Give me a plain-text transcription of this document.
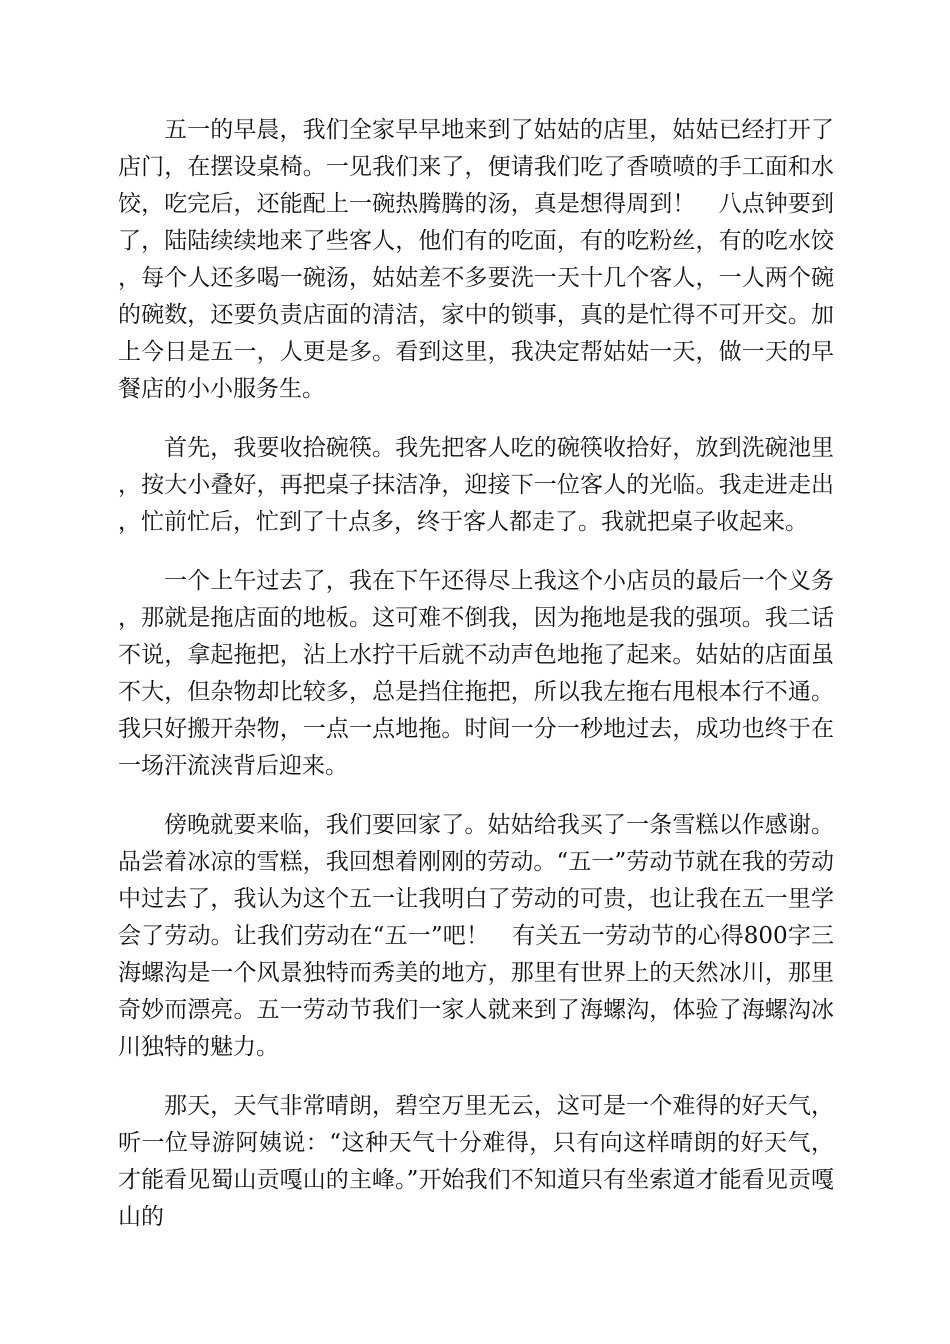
五一的早晨，我们全家早早地来到了姑姑的店里，姑姑已经打开了店门，在摆设桌椅。一见我们来了，便请我们吃了香喷喷的手工面和水饺，吃完后，还能配上一碗热腾腾的汤，真是想得周到！　八点钟要到了，陆陆续续地来了些客人，他们有的吃面，有的吃粉丝，有的吃水饺，每个人还多喝一碗汤，姑姑差不多要洗一天十几个客人，一人两个碗的碗数，还要负责店面的清洁，家中的锁事，真的是忙得不可开交。加上今日是五一，人更是多。看到这里，我决定帮姑姑一天，做一天的早餐店的小小服务生。

首先，我要收拾碗筷。我先把客人吃的碗筷收拾好，放到洗碗池里，按大小叠好，再把桌子抹洁净，迎接下一位客人的光临。我走进走出，忙前忙后，忙到了十点多，终于客人都走了。我就把桌子收起来。

一个上午过去了，我在下午还得尽上我这个小店员的最后一个义务，那就是拖店面的地板。这可难不倒我，因为拖地是我的强项。我二话不说，拿起拖把，沾上水拧干后就不动声色地拖了起来。姑姑的店面虽不大，但杂物却比较多，总是挡住拖把，所以我左拖右甩根本行不通。我只好搬开杂物，一点一点地拖。时间一分一秒地过去，成功也终于在一场汗流浃背后迎来。

傍晚就要来临，我们要回家了。姑姑给我买了一条雪糕以作感谢。品尝着冰凉的雪糕，我回想着刚刚的劳动。“五一”劳动节就在我的劳动中过去了，我认为这个五一让我明白了劳动的可贵，也让我在五一里学会了劳动。让我们劳动在“五一”吧！　有关五一劳动节的心得800字三　海螺沟是一个风景独特而秀美的地方，那里有世界上的天然冰川，那里奇妙而漂亮。五一劳动节我们一家人就来到了海螺沟，体验了海螺沟冰川独特的魅力。

那天，天气非常晴朗，碧空万里无云，这可是一个难得的好天气，听一位导游阿姨说：“这种天气十分难得，只有向这样晴朗的好天气，才能看见蜀山贡嘎山的主峰。”开始我们不知道只有坐索道才能看见贡嘎山的
